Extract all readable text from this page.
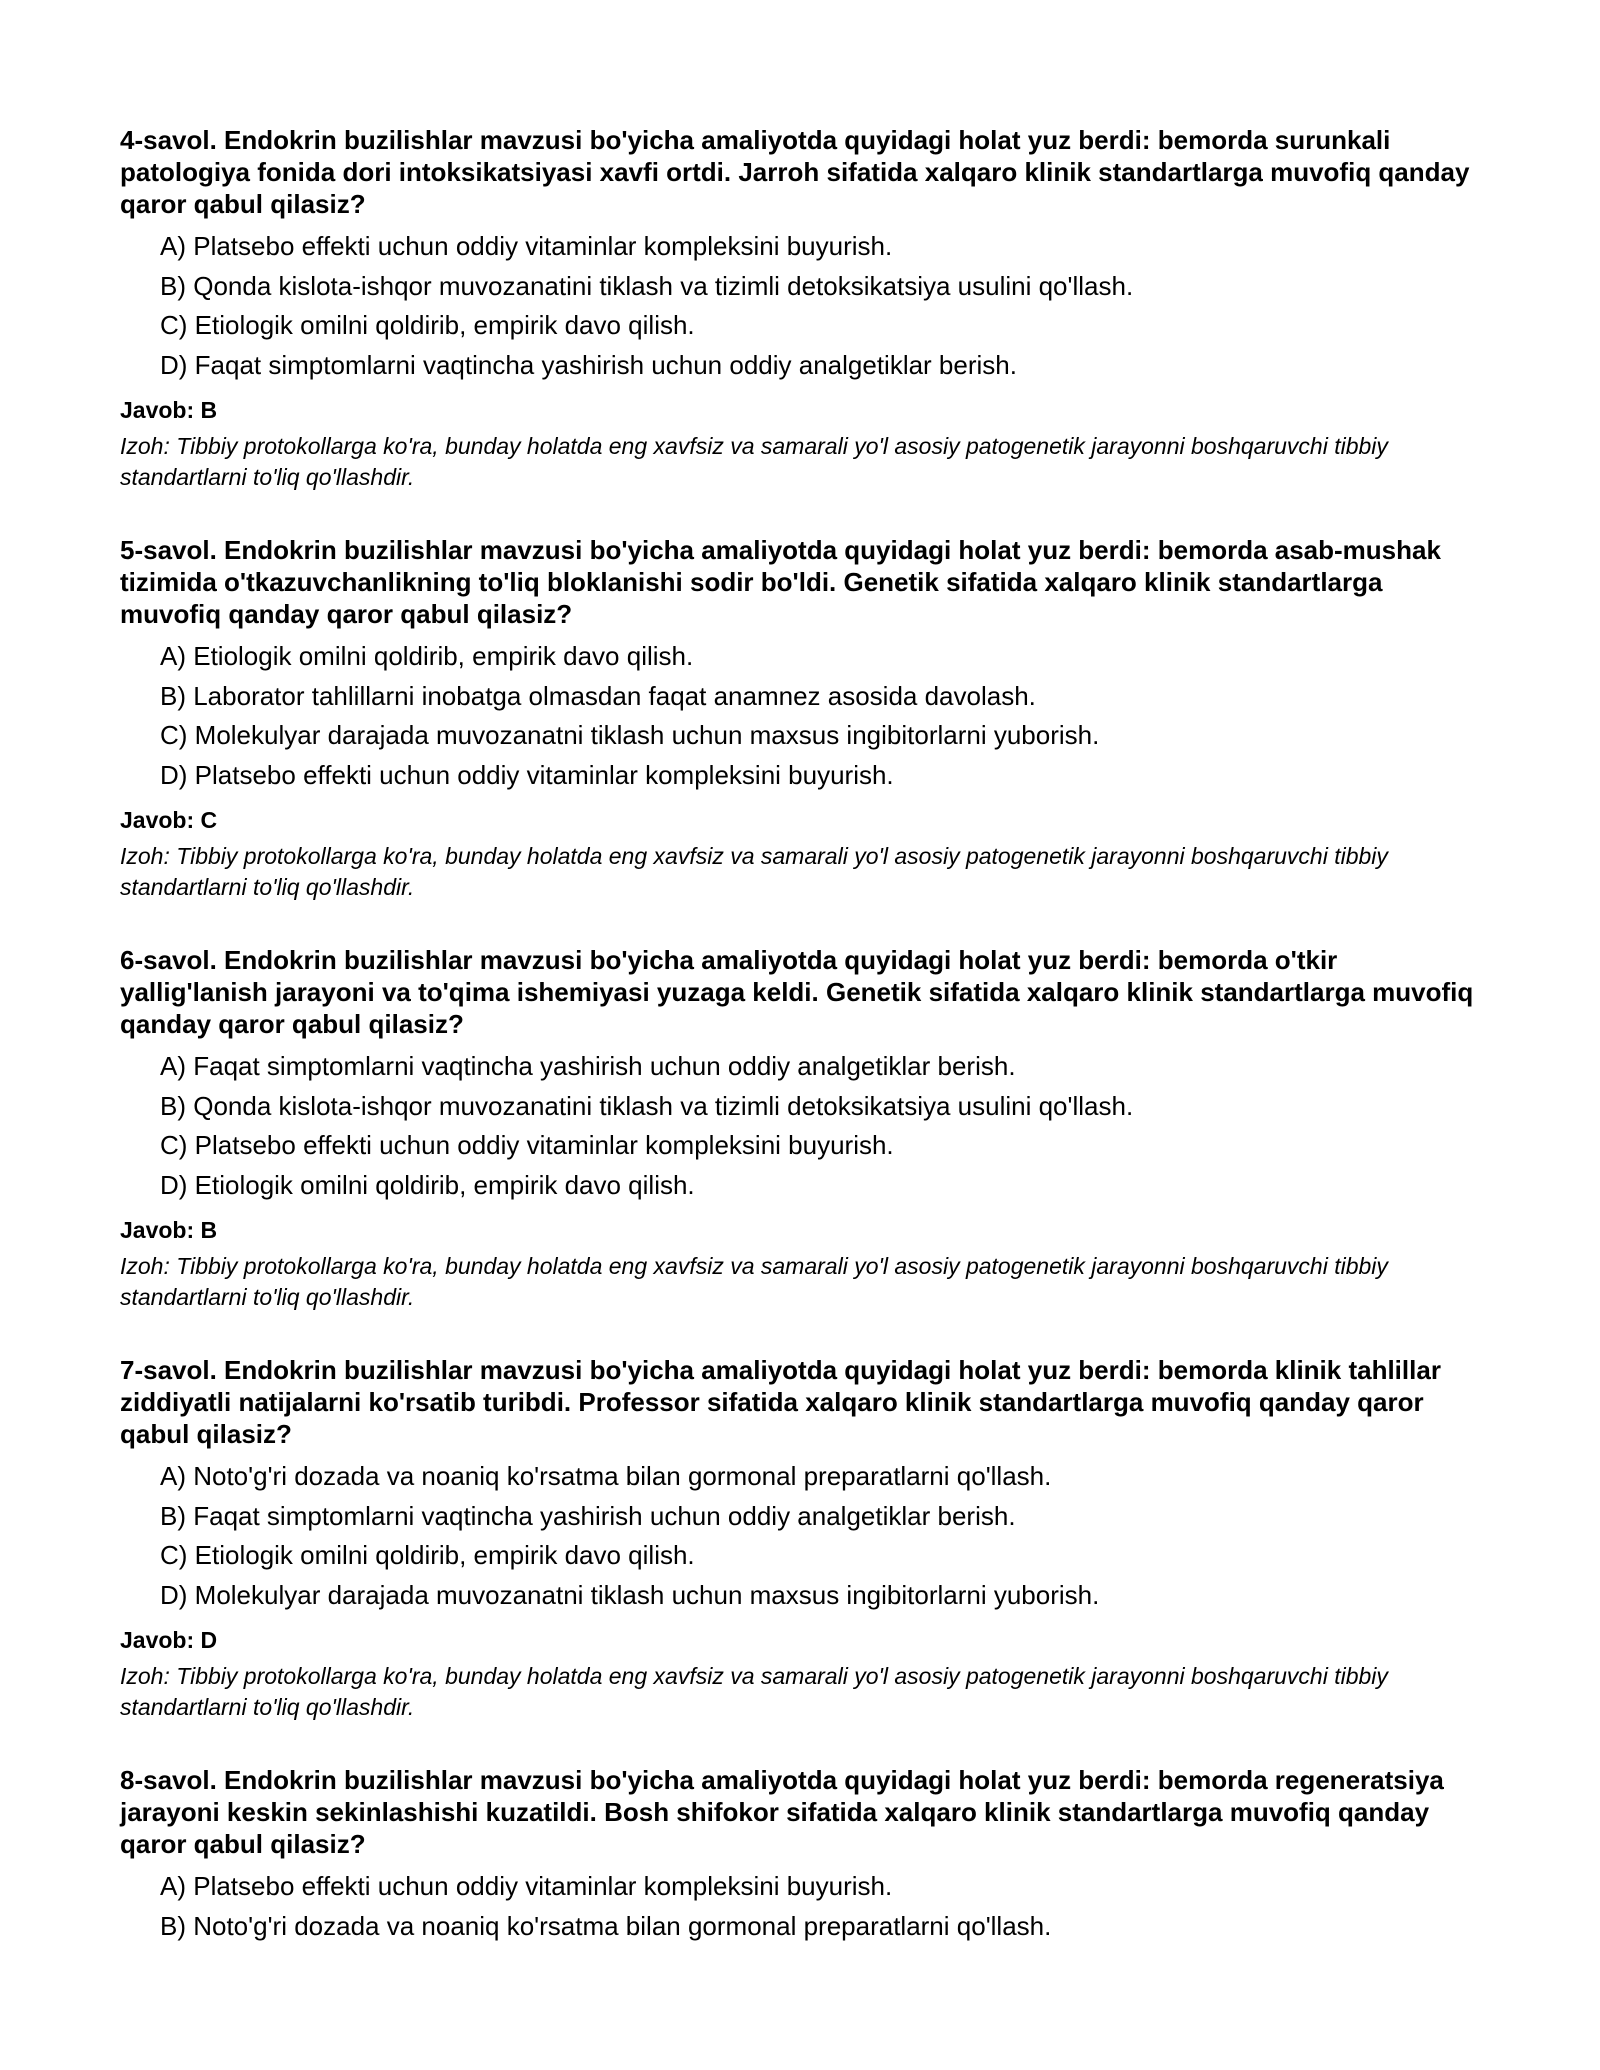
4-savol. Endokrin buzilishlar mavzusi bo'yicha amaliyotda quyidagi holat yuz berdi: bemorda surunkali patologiya fonida dori intoksikatsiyasi xavfi ortdi. Jarroh sifatida xalqaro klinik standartlarga muvofiq qanday qaror qabul qilasiz?
A) Platsebo effekti uchun oddiy vitaminlar kompleksini buyurish.
B) Qonda kislota-ishqor muvozanatini tiklash va tizimli detoksikatsiya usulini qo'llash.
C) Etiologik omilni qoldirib, empirik davo qilish.
D) Faqat simptomlarni vaqtincha yashirish uchun oddiy analgetiklar berish.
Javob: B
Izoh: Tibbiy protokollarga ko'ra, bunday holatda eng xavfsiz va samarali yo'l asosiy patogenetik jarayonni boshqaruvchi tibbiy standartlarni to'liq qo'llashdir.
5-savol. Endokrin buzilishlar mavzusi bo'yicha amaliyotda quyidagi holat yuz berdi: bemorda asab-mushak tizimida o'tkazuvchanlikning to'liq bloklanishi sodir bo'ldi. Genetik sifatida xalqaro klinik standartlarga muvofiq qanday qaror qabul qilasiz?
A) Etiologik omilni qoldirib, empirik davo qilish.
B) Laborator tahlillarni inobatga olmasdan faqat anamnez asosida davolash.
C) Molekulyar darajada muvozanatni tiklash uchun maxsus ingibitorlarni yuborish.
D) Platsebo effekti uchun oddiy vitaminlar kompleksini buyurish.
Javob: C
Izoh: Tibbiy protokollarga ko'ra, bunday holatda eng xavfsiz va samarali yo'l asosiy patogenetik jarayonni boshqaruvchi tibbiy standartlarni to'liq qo'llashdir.
6-savol. Endokrin buzilishlar mavzusi bo'yicha amaliyotda quyidagi holat yuz berdi: bemorda o'tkir yallig'lanish jarayoni va to'qima ishemiyasi yuzaga keldi. Genetik sifatida xalqaro klinik standartlarga muvofiq qanday qaror qabul qilasiz?
A) Faqat simptomlarni vaqtincha yashirish uchun oddiy analgetiklar berish.
B) Qonda kislota-ishqor muvozanatini tiklash va tizimli detoksikatsiya usulini qo'llash.
C) Platsebo effekti uchun oddiy vitaminlar kompleksini buyurish.
D) Etiologik omilni qoldirib, empirik davo qilish.
Javob: B
Izoh: Tibbiy protokollarga ko'ra, bunday holatda eng xavfsiz va samarali yo'l asosiy patogenetik jarayonni boshqaruvchi tibbiy standartlarni to'liq qo'llashdir.
7-savol. Endokrin buzilishlar mavzusi bo'yicha amaliyotda quyidagi holat yuz berdi: bemorda klinik tahlillar ziddiyatli natijalarni ko'rsatib turibdi. Professor sifatida xalqaro klinik standartlarga muvofiq qanday qaror qabul qilasiz?
A) Noto'g'ri dozada va noaniq ko'rsatma bilan gormonal preparatlarni qo'llash.
B) Faqat simptomlarni vaqtincha yashirish uchun oddiy analgetiklar berish.
C) Etiologik omilni qoldirib, empirik davo qilish.
D) Molekulyar darajada muvozanatni tiklash uchun maxsus ingibitorlarni yuborish.
Javob: D
Izoh: Tibbiy protokollarga ko'ra, bunday holatda eng xavfsiz va samarali yo'l asosiy patogenetik jarayonni boshqaruvchi tibbiy standartlarni to'liq qo'llashdir.
8-savol. Endokrin buzilishlar mavzusi bo'yicha amaliyotda quyidagi holat yuz berdi: bemorda regeneratsiya jarayoni keskin sekinlashishi kuzatildi. Bosh shifokor sifatida xalqaro klinik standartlarga muvofiq qanday qaror qabul qilasiz?
A) Platsebo effekti uchun oddiy vitaminlar kompleksini buyurish.
B) Noto'g'ri dozada va noaniq ko'rsatma bilan gormonal preparatlarni qo'llash.
